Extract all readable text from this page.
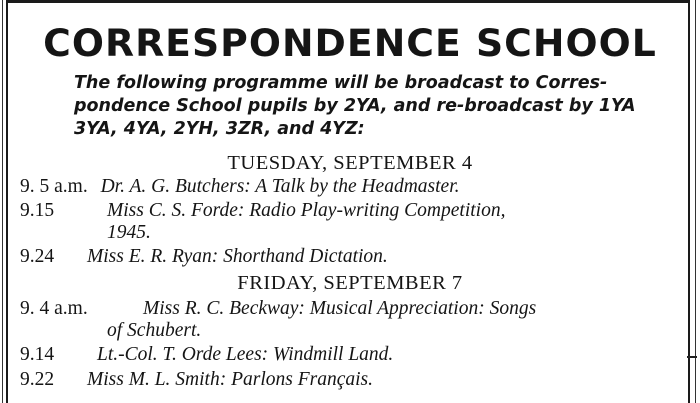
CORRESPONDENCE SCHOOL

The following programme will be broadcast to Corres-

pondence School pupils by 2YA, and re-broadcast by 1YA

3YA, 4YA, 2YH, 3ZR, and 4YZ:

TUESDAY, SEPTEMBER 4
9. 5 a.m. Dr. A. G. Butchers: A Talk by the Headmaster.
9.15	Miss C. S. Forde: Radio Play-writing Competition,
1945.
9.24 Miss E. R. Ryan: Shorthand Dictation.
FRIDAY, SEPTEMBER 7
9. 4 a.m.	Miss R. C. Beckway: Musical Appreciation: Songs
of Schubert.
9.14 Lt.-Col. T. Orde Lees: Windmill Land.
9.22 Miss M. L. Smith: Parlons Français.
